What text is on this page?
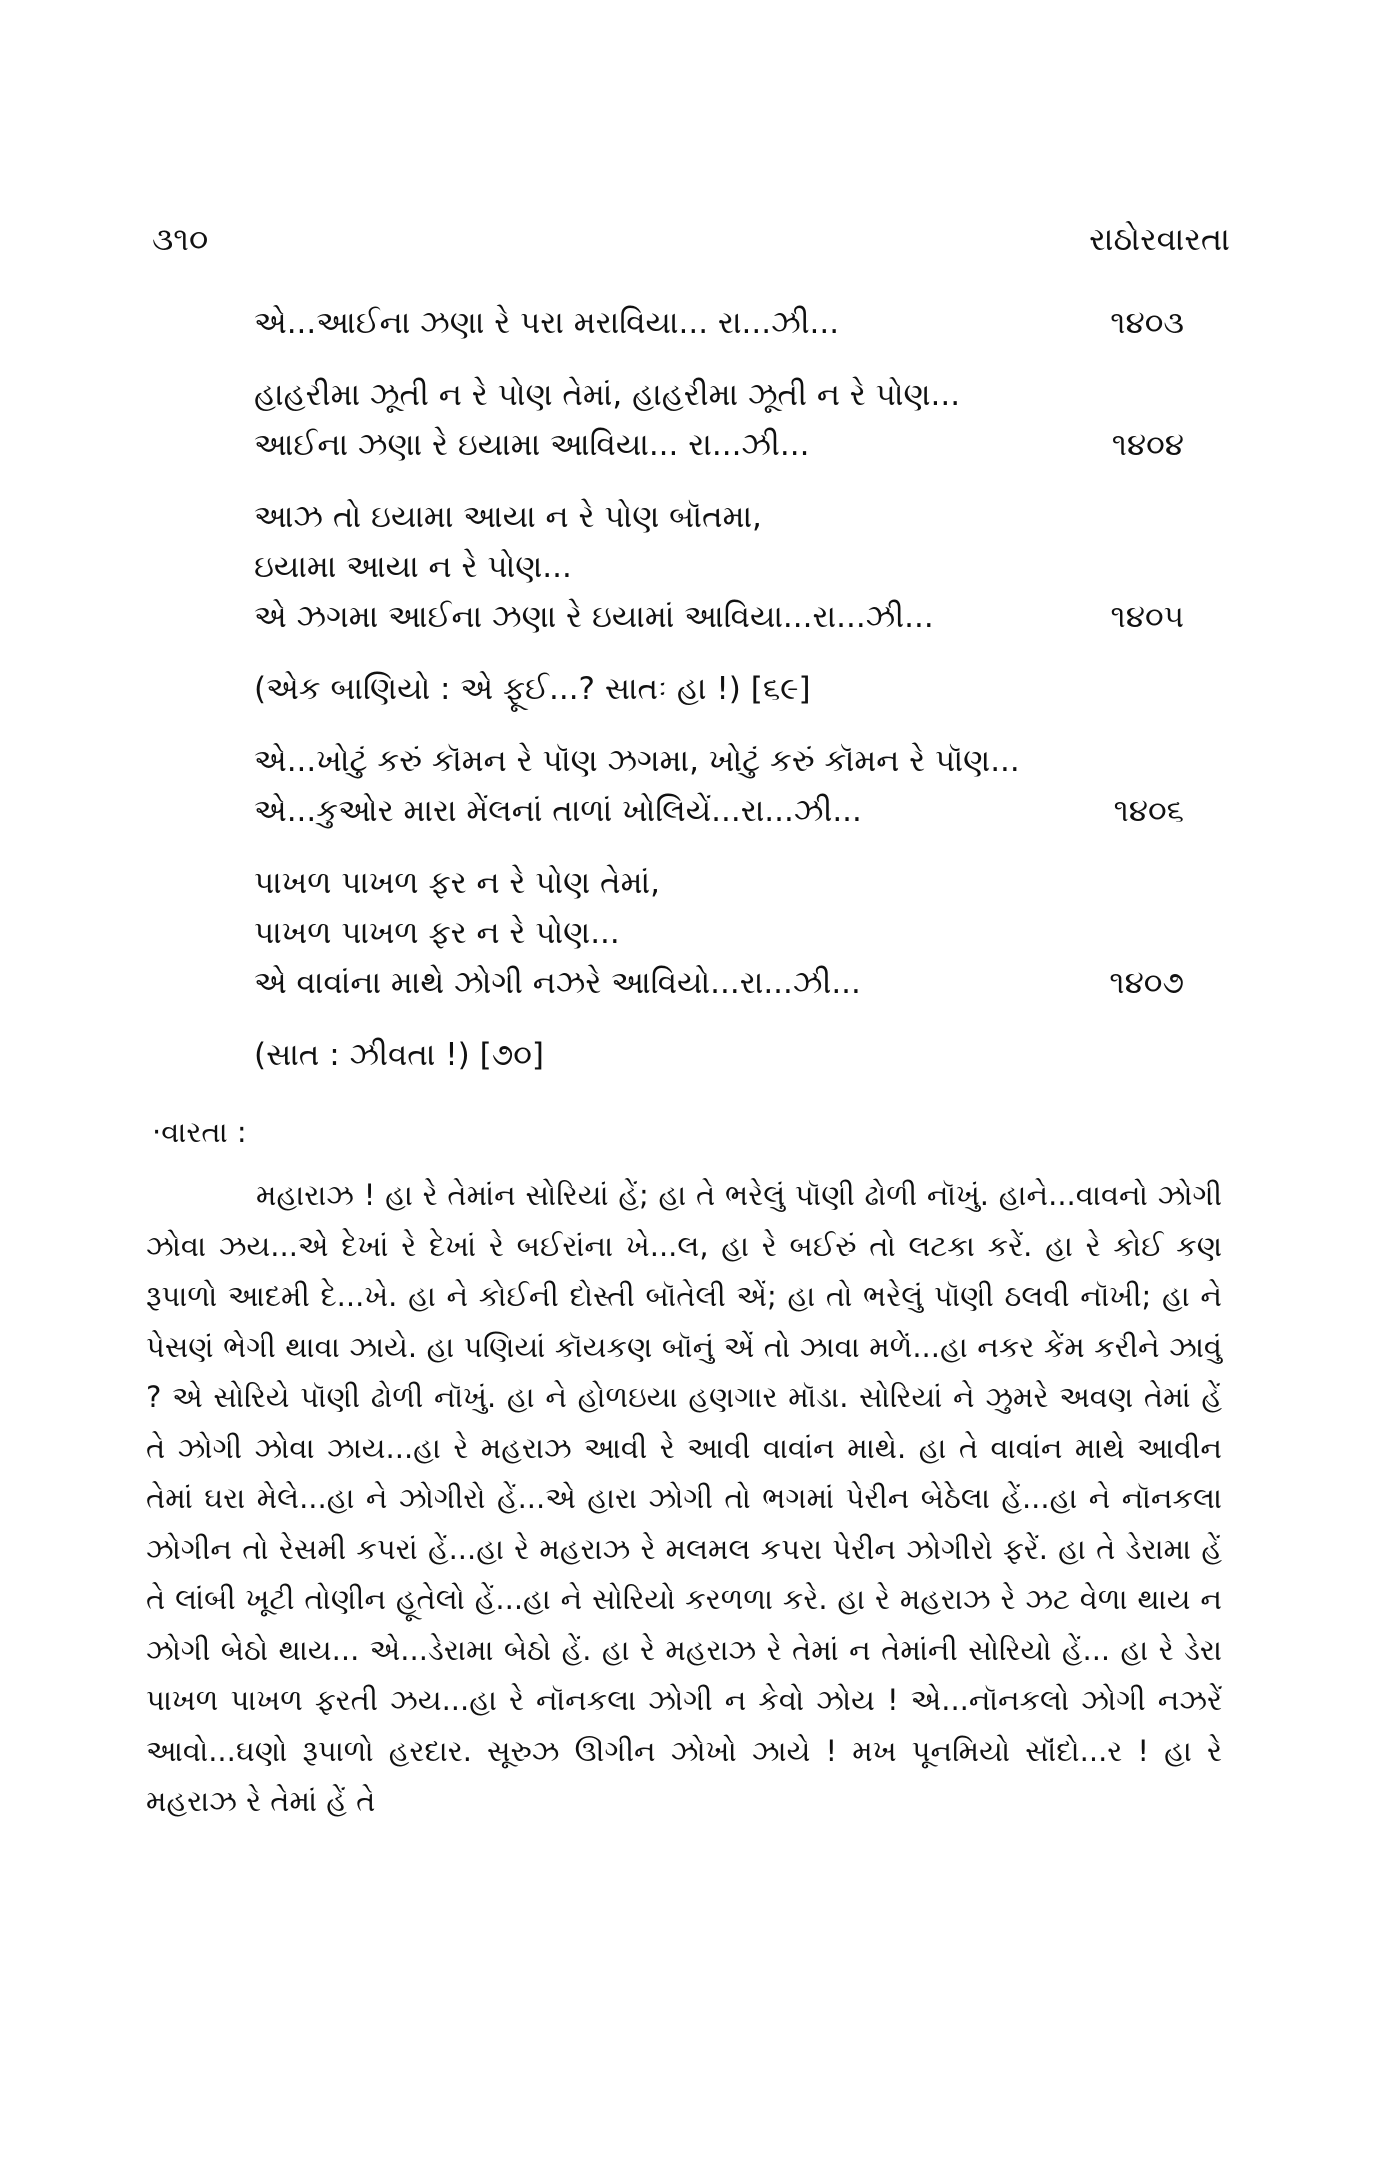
૩૧૦	રાઠોરવારતા
એ...આઈના ઝણા રે પરા મરાવિયા... રા...ઝી...	૧૪૦૩
હાહરીમા ઝૂતી ન રે પોણ તેમાં, હાહરીમા ઝૂતી ન રે પોણ...
આઈના ઝણા રે ઇયામા આવિયા... રા...ઝી...	૧૪૦૪
આઝ તો ઇયામા આયા ન રે પોણ બૉતમા,
ઇયામા આયા ન રે પોણ...
એ ઝગમા આઈના ઝણા રે ઇયામાં આવિયા...રા...ઝી...	૧૪૦૫
(એક બાણિયો : એ ફૂઈ...? સાતઃ હા !) [૬૯]
એ...ખોટું કરું કૉમન રે પૉણ ઝગમા, ખોટું કરું કૉમન રે પૉણ...
એ...કુઓર મારા મેંલનાં તાળાં ખોલિયેં...રા...ઝી...	૧૪૦૬
પાખળ પાખળ ફર ન રે પોણ તેમાં,
પાખળ પાખળ ફર ન રે પોણ...
એ વાવાંના માથે ઝોગી નઝરે આવિયો...રા...ઝી...	૧૪૦૭
(સાત : ઝીવતા !) [૭૦]
·વારતા :

મહારાઝ ! હા રે તેમાંન સોરિયાં હેં; હા તે ભરેલું પૉણી ઢોળી નૉખું. હાને...વાવનો ઝોગી ઝોવા ઝય...એ દેખાં રે દેખાં રે બઈરાંના ખે...લ, હા રે બઈરું તો લટકા કરેં. હા રે કોઈ કણ રૂપાળો આદમી દે...ખે. હા ને કોઈની દોસ્તી બૉતેલી એં; હા તો ભરેલું પૉણી ઠલવી નૉખી; હા ને પેસણં ભેગી થાવા ઝાયે. હા પણિયાં કૉયકણ બૉનું એં તો ઝાવા મળેં...હા નકર કેંમ કરીને ઝાવું ? એ સોરિયે પૉણી ઢોળી નૉખું. હા ને હોળઇયા હણગાર મૉડા. સોરિયાં ને ઝુમરે અવણ તેમાં હેં તે ઝોગી ઝોવા ઝાય...હા રે મહરાઝ આવી રે આવી વાવાંન માથે. હા તે વાવાંન માથે આવીન તેમાં ઘરા મેલે...હા ને ઝોગીરો હેં...એ હારા ઝોગી તો ભગમાં પેરીન બેઠેલા હેં...હા ને નૉનકલા ઝોગીન તો રેસમી કપરાં હેં...હા રે મહરાઝ રે મલમલ કપરા પેરીન ઝોગીરો ફરેં. હા તે ડેરામા હેં તે લાંબી ખૂટી તોણીન હૂતેલો હેં...હા ને સોરિયો કરળળા કરે. હા રે મહરાઝ રે ઝટ વેળા થાય ન ઝોગી બેઠો થાય... એ...ડેરામા બેઠો હેં. હા રે મહરાઝ રે તેમાં ન તેમાંની સોરિયો હેં... હા રે ડેરા પાખળ પાખળ ફરતી ઝય...હા રે નૉનકલા ઝોગી ન કેવો ઝોય ! એ...નૉનકલો ઝોગી નઝરેં આવો...ઘણો રૂપાળો હરદાર. સૂરુઝ ઊગીન ઝોખો ઝાયે ! મખ પૂનમિયો સૉંદો...ર ! હા રે મહરાઝ રે તેમાં હેં તે
